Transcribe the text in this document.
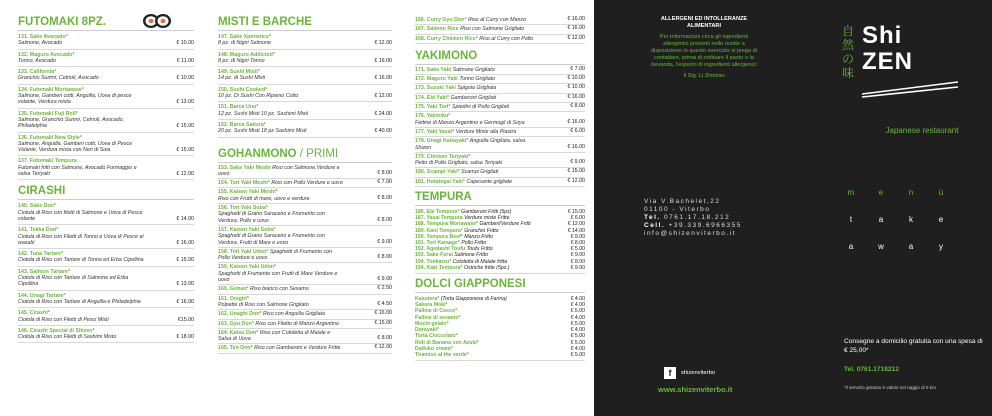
FUTOMAKI 8PZ.
131. Sake Avocado*
Salmone, Avocado	€ 10.00
132. Maguro Avocado*
Tonno, Avocado	€ 11.00
133. California*
Granchio Surimi, Cetrioli, Avocado	€ 10.00
134. Futomaki Moriawase*
Salmone, Gamberi cotti, Anguilla, Uova di pesce volante, Verdura mista	€ 13.00
135. Futomaki Fuji Roll*
Salmone, Granchio Surimi, Cetrioli, Avocado, Philadelphia	€ 15.00
136. Futomaki New Style*
Salmone, Anguilla, Gamberi cotti, Uova di Pesce Volante, Verdura mista con Nori di Soia	€ 15.00
137. Futomaki Tempura
Futomaki fritti con Salmone, Avocado Formaggio e salsa Teriyaki	€ 12.00
CIRASHI
140. Sake Don*
Ciotola di Riso con filetti di Salmone e Uova di Pesce volante	€ 14.00
141. Tekka Don*
Ciotola di Riso con Filetti di Tonno e Uova di Pesce al wasabi	€ 16.00
142. Tuna Tartare*
Ciotola di Riso con Tartare di Tonno ed Erba Cipollina	€ 15.00
143. Salmon Tartare*
Ciotola di Riso con Tartare di Salmone ed Erba Cipollina	€ 13.00
144. Unagi Tartare*
Ciotola di Riso con Tartare di Anguilla e Philadelphia	€ 16.00
145. Cirashi*
Ciotola di Riso con Filetti di Pesci Misti	€15.00
146. Cirashi Special di Shizen*
Ciotola di Riso con Filetti di Sashimi Misto	€ 18.00
MISTI E BARCHE
147. Sake Xperience*
8 pz. di Nigiri Salmone	€ 12.00
148. Maguro Addicted*
8 pz. di Nigiri Tonno	€ 16.00
149. Sushi Misti*
14 pz. di Sushi Misti	€ 16.00
150. Sushi Cooked*
10 pz. Di Sushi Con Ripieno Cotto	€ 12.00
151. Barca Uno*
12 pz. Sushi Misti 10 pz. Sashimi Misti	€ 24.00
152. Barca Sakura*
20 pz. Sushi Misti 18 pz Sashimi Misti	€ 40.00
GOHANMONO / PRIMI
153. Sake Yaki Meshi Riso con Salmone,Verdure e uovo	€ 8.00
154. Tori Yaki Meshi* Riso con Pollo Verdure e uovo	€ 7.00
155. Kaisen Yaki Meshi*
Riso con Frutti di mare, uovo e verdure	€ 8.00
156. Tori Yaki Soba*
Spaghetti di Grano Saraceno e Frumento con Verdura, Pollo e uovo	€ 8.00
157. Kaisen Yaki Soba*
Spaghetti di Grano Saraceno e Frumento con Verdura, Frutti di Mare e uovo	€ 9.00
158. Tori Yaki Udon* Spaghetti di Frumento con Pollo Verdure e uovo	€ 8.00
159. Kaisen Yaki Udon*
Spaghetti di Frumento con Frutti di Mare Verdure e uovo	€ 9.00
160. Gohan* Riso bianco con Sesamo	€ 2.50
161. Onigiri*
Polpette di Riso con Salmone Grigliato	€ 4.50
162. Unaghi Don* Riso con Anguilla Grigliata	€ 16.00
163. Gyu Don* Riso con Filetto di Manzo Argentino	€ 15.00
164. Katsu Don* Riso con Cotoletta di Maiale e Salsa di Uova	€ 8.00
165. Ten Don* Riso con Gamberoni e Verdure Fritte	€ 12.00
166. Curry Gyu Don* Riso al Curry con Manzo	€ 16.00
167. Salmon Rice Riso con Salmone Grigliato	€ 16.00
168. Curry Chicken Rice* Riso al Curry con Pollo	€ 12.00
YAKIMONO
171. Sake Yaki Salmone Grigliato	€ 7.00
172. Maguro Yaki Tonno Grigliato	€ 10.00
173. Suzuki Yaki Spigola Grigliata	€ 10.00
174. Ebi Yaki* Gamberoni Grigliati	€ 16.00
175. Yaki Tori* Spiedini di Pollo Grigliati	€ 8.00
176. Yakiniku*
Fettine di Manzo Argentino e Germogli di Soya	€ 16.00
177. Yaki Yasai* Verdure Miste alla Piastra	€ 6.00
178. Unagi Kabayaki* Anguilla Grigliata, salsa Shizen	€ 16.00
179. Chicken Teriyaki*
Petto di Pollo Grigliato, salsa Teriyaki	€ 9.00
180. Scampi Yaki* Scampi Grigliati	€ 15.00
181. Hotategai Yaki* Capesante grigliate	€ 12.00
TEMPURA
186. Ebi Tempura* Gamberoni Fritti (5pz)	€ 15.00
187. Yasai Tempura Verdure miste Fritte	€ 6.00
188. Tempura Moriawase* Gamberi/Verdure Fritti	€ 12.00
189. Kani Tempura* Granchio Fritto	€ 14.00
190. Tempura Beef* Manzo Fritto	€ 9.00
191. Tori Karaage* Pollo Fritto	€ 8.00
192. Agedashi Toufu Toufu Fritto	€ 5.00
193. Sake Furai Salmone Fritto	€ 9.00
194. Tonkatsu* Cotoletta di Maiale fritta	€ 8.00
194. Kaki Tempura* Ostriche fritte (5pz.)	€ 9.00
DOLCI GIAPPONESI
Kasutera* (Torta Giapponese di Farina)	€ 4.00
Sakura Moki*	€ 4.00
Palline di Cocco*	€ 5.00
Palline di sesamo*	€ 4.00
Mochi gelato*	€ 5.00
Dorayaki*	€ 4.00
Torta Cioccolato*	€ 5.00
Roll di Banana con Azuki*	€ 5.00
Daifuko cream*	€ 4.00
Tiramisù al the verde*	€ 5.00
ALLERGENI ED INTOLLERANZE ALIMENTARI
Per informazioni circa gli ingredienti allergenici presenti nelle ricette a disposizione in questo esercizio si prega di contattare, prima di ordinare il pasto o la bevanda, l'esperto di ingredienti allergenici
Il Sig. Li Zhimiao
f	shizenviterbo
www.shizenviterbo.it
自然の味
Shi
ZEN
Japanese restaurant
Via V.Bachelet,22
01100 - Viterbo
Tel. 0761.17.18.212
Cell. +39.339.6966355
info@shizenviterbo.it
m	e	n	ù
t	a	k	e
a	w	a	y
Consegne a domicilio gratuita con una spesa di € 25,00*
Tel. 0761.1718212
*il servizio gratuito è valido nel raggio di 5 km
